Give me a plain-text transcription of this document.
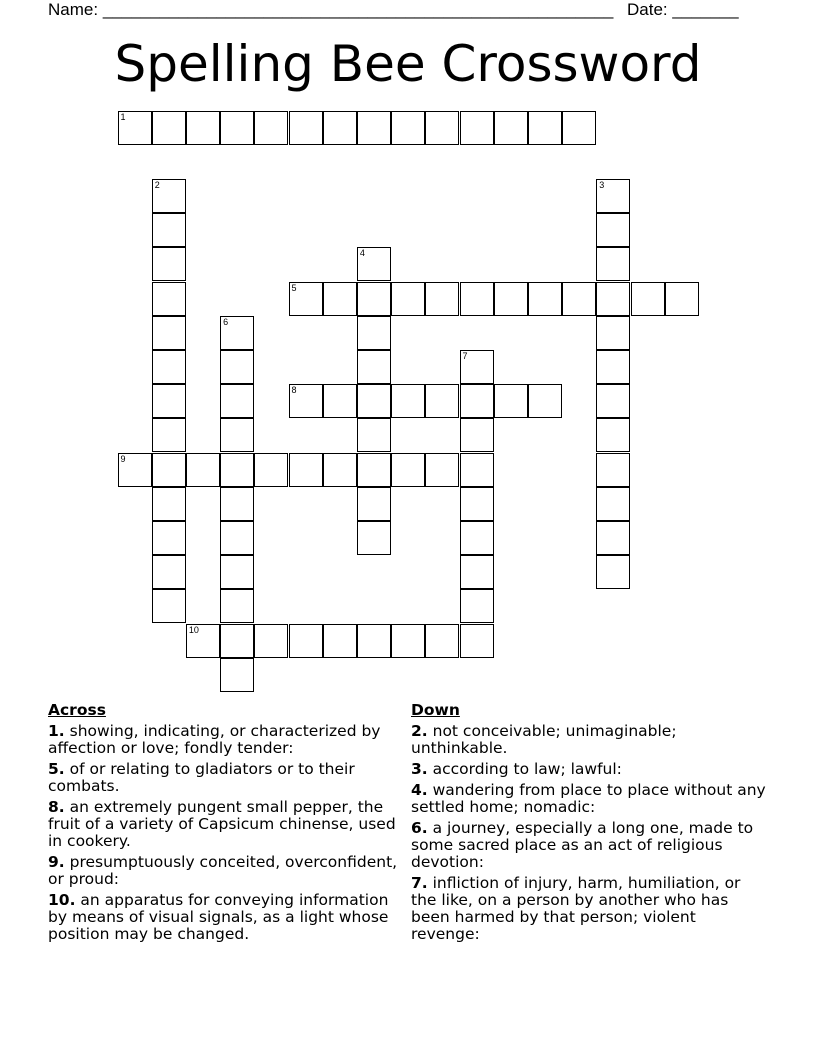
Name: ______________________________________________________ Date: _______
Spelling Bee Crossword
1
2	3
4
5
6
7
8
9
10
Across
1. showing, indicating, or characterized by affection or love; fondly tender:
5. of or relating to gladiators or to their combats.
8. an extremely pungent small pepper, the fruit of a variety of Capsicum chinense, used in cookery.
9. presumptuously conceited, overconfident, or proud:
10. an apparatus for conveying information by means of visual signals, as a light whose position may be changed.
Down
2. not conceivable; unimaginable; unthinkable.
3. according to law; lawful:
4. wandering from place to place without any settled home; nomadic:
6. a journey, especially a long one, made to some sacred place as an act of religious devotion:
7. infliction of injury, harm, humiliation, or the like, on a person by another who has been harmed by that person; violent revenge:
